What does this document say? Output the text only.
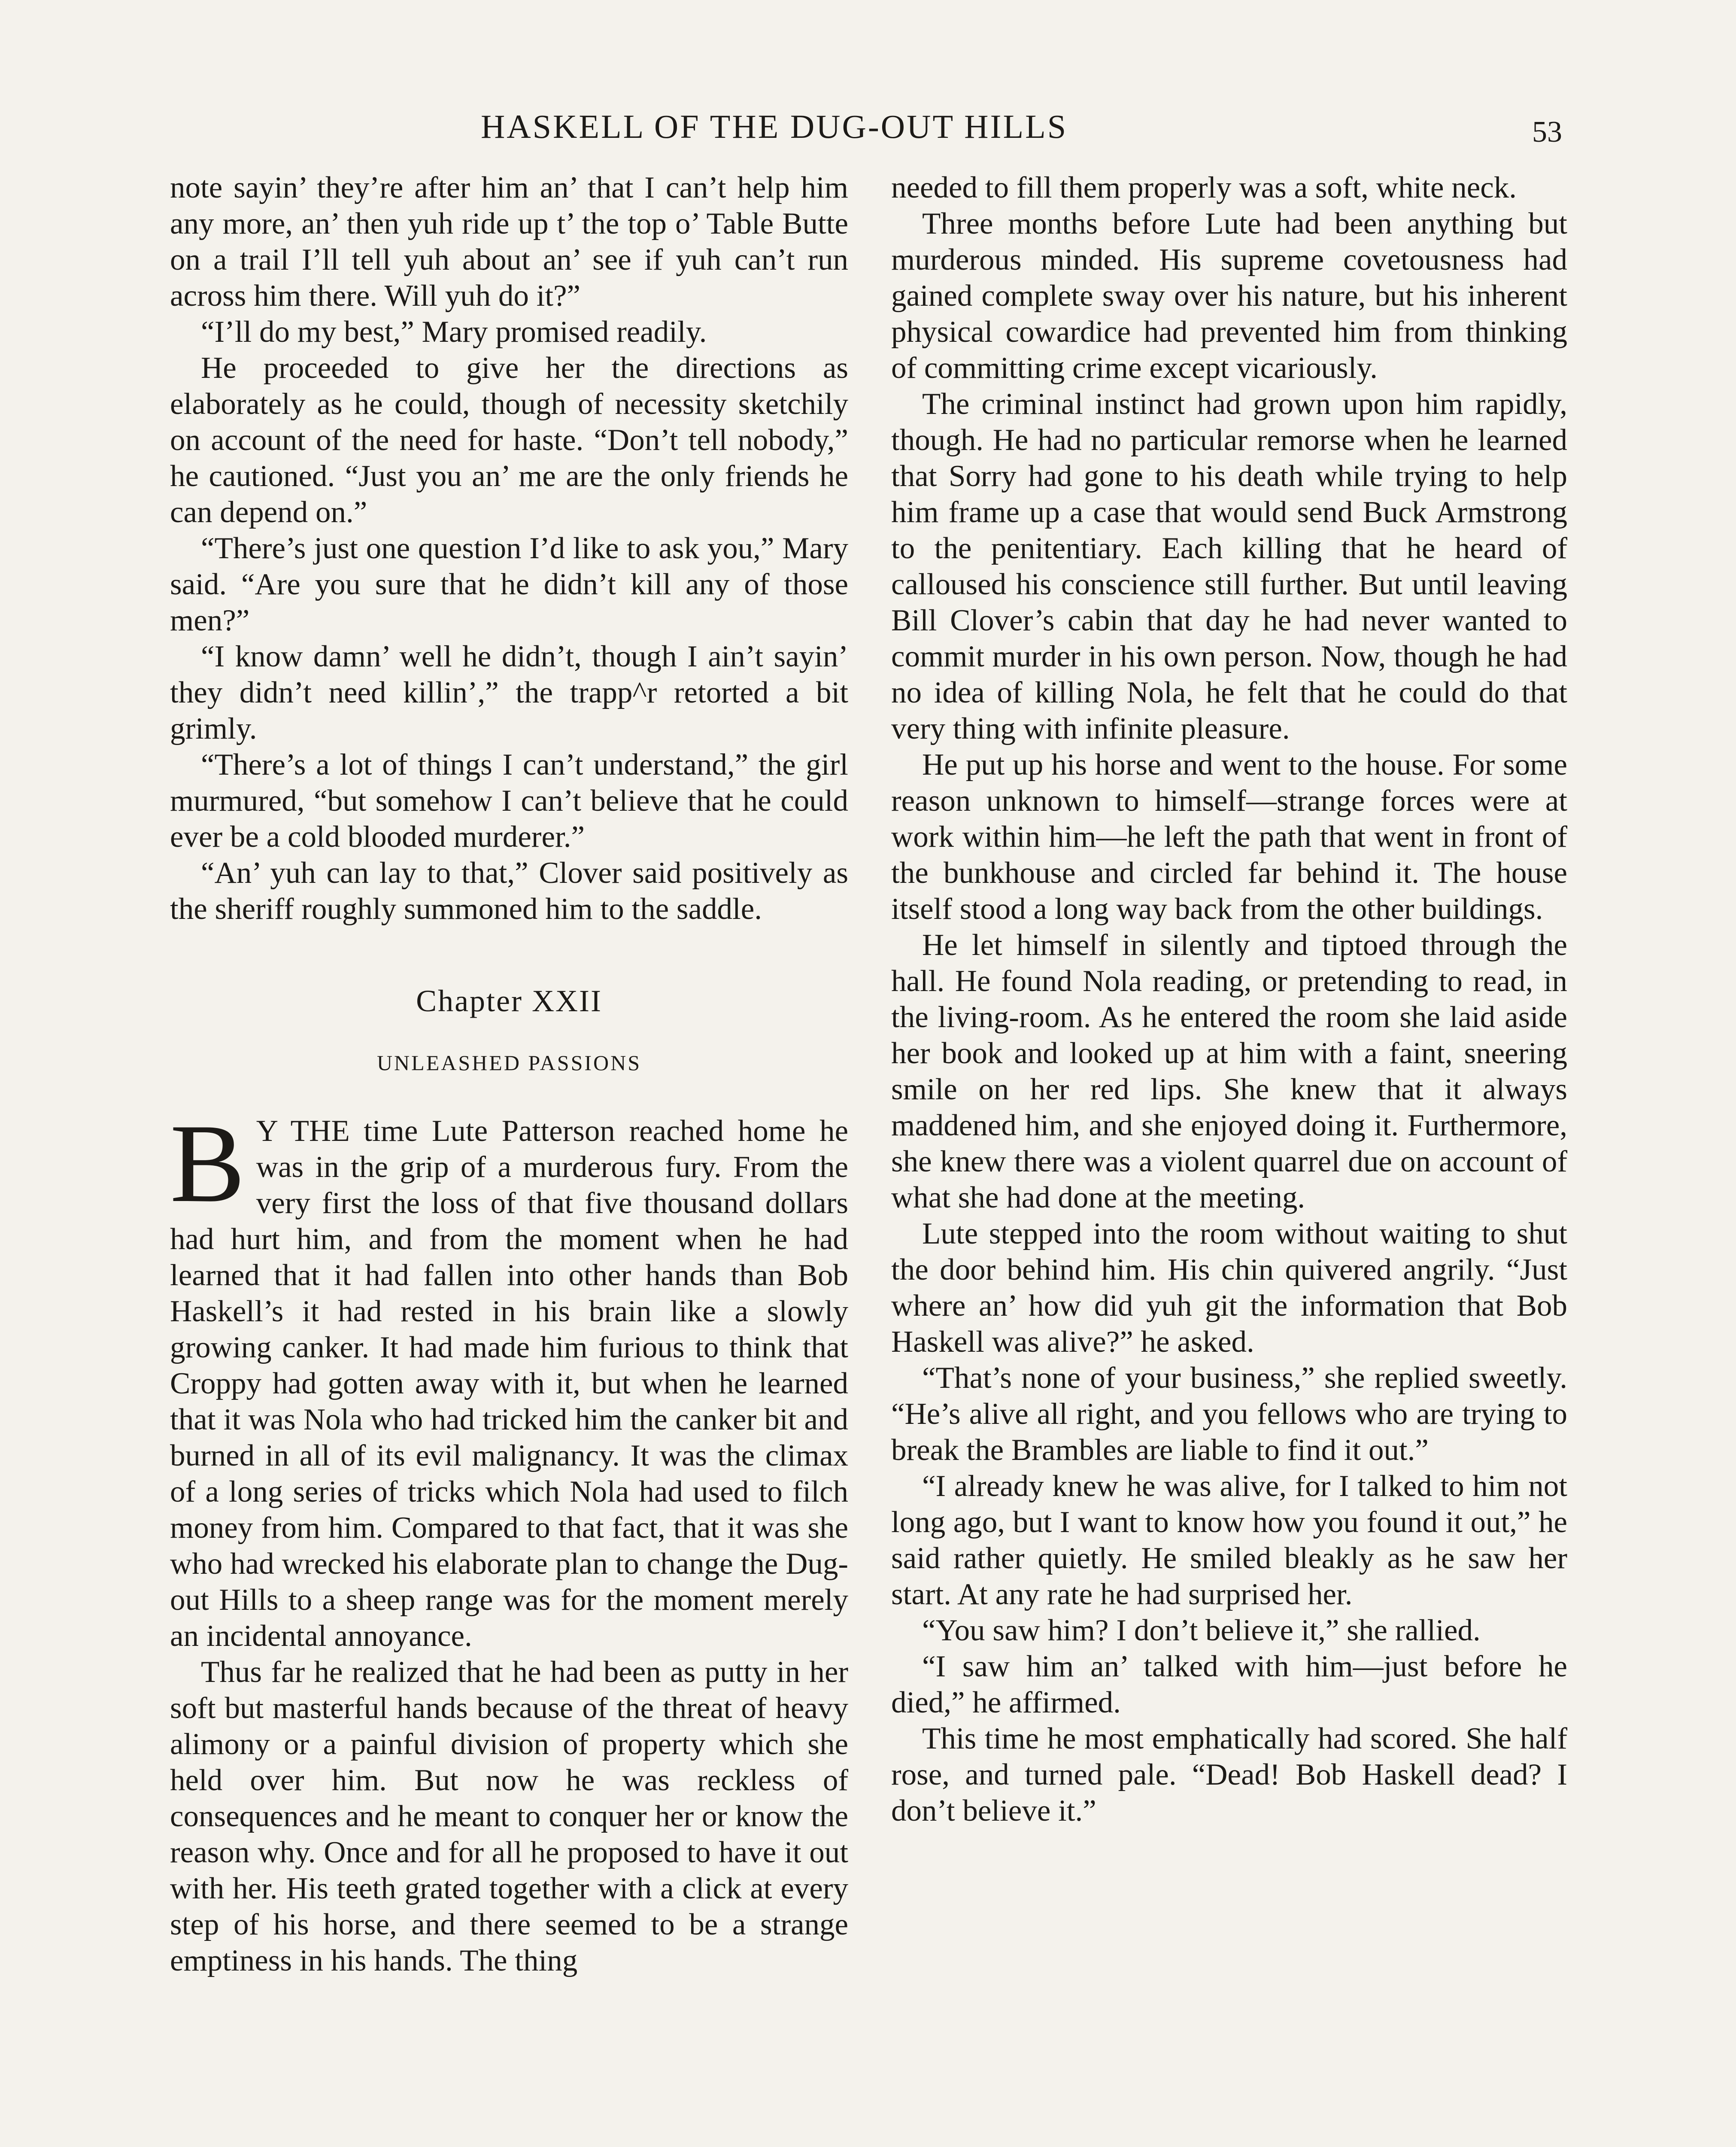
HASKELL OF THE DUG-OUT HILLS	53

note sayin’ they’re after him an’ that I can’t help him any more, an’ then yuh ride up t’ the top o’ Table Butte on a trail I’ll tell yuh about an’ see if yuh can’t run across him there. Will yuh do it?”

“I’ll do my best,” Mary promised readily.

He proceeded to give her the directions as elaborately as he could, though of necessity sketchily on account of the need for haste. “Don’t tell nobody,” he cautioned. “Just you an’ me are the only friends he can depend on.”

“There’s just one question I’d like to ask you,” Mary said. “Are you sure that he didn’t kill any of those men?”

“I know damn’ well he didn’t, though I ain’t sayin’ they didn’t need killin’,” the trapp^r retorted a bit grimly.

“There’s a lot of things I can’t understand,” the girl murmured, “but somehow I can’t believe that he could ever be a cold blooded murderer.”

“An’ yuh can lay to that,” Clover said positively as the sheriff roughly summoned him to the saddle.

Chapter XXII
UNLEASHED PASSIONS

B Y THE time Lute Patterson reached home he was in the grip of a murderous fury. From the very first the loss of that five thousand dollars had hurt him, and from the moment when he had learned that it had fallen into other hands than Bob Haskell’s it had rested in his brain like a slowly growing canker. It had made him furious to think that Croppy had gotten away with it, but when he learned that it was Nola who had tricked him the canker bit and burned in all of its evil malignancy. It was the climax of a long series of tricks which Nola had used to filch money from him. Compared to that fact, that it was she who had wrecked his elaborate plan to change the Dug-out Hills to a sheep range was for the moment merely an incidental annoyance.

Thus far he realized that he had been as putty in her soft but masterful hands because of the threat of heavy alimony or a painful division of property which she held over him. But now he was reckless of consequences and he meant to conquer her or know the reason why. Once and for all he proposed to have it out with her. His teeth grated together with a click at every step of his horse, and there seemed to be a strange emptiness in his hands. The thing

needed to fill them properly was a soft, white neck.

Three months before Lute had been anything but murderous minded. His supreme covetousness had gained complete sway over his nature, but his inherent physical cowardice had prevented him from thinking of committing crime except vicariously.

The criminal instinct had grown upon him rapidly, though. He had no particular remorse when he learned that Sorry had gone to his death while trying to help him frame up a case that would send Buck Armstrong to the penitentiary. Each killing that he heard of calloused his conscience still further. But until leaving Bill Clover’s cabin that day he had never wanted to commit murder in his own person. Now, though he had no idea of killing Nola, he felt that he could do that very thing with infinite pleasure.

He put up his horse and went to the house. For some reason unknown to himself—strange forces were at work within him—he left the path that went in front of the bunkhouse and circled far behind it. The house itself stood a long way back from the other buildings.

He let himself in silently and tiptoed through the hall. He found Nola reading, or pretending to read, in the living-room. As he entered the room she laid aside her book and looked up at him with a faint, sneering smile on her red lips. She knew that it always maddened him, and she enjoyed doing it. Furthermore, she knew there was a violent quarrel due on account of what she had done at the meeting.

Lute stepped into the room without waiting to shut the door behind him. His chin quivered angrily. “Just where an’ how did yuh git the information that Bob Haskell was alive?” he asked.

“That’s none of your business,” she replied sweetly. “He’s alive all right, and you fellows who are trying to break the Brambles are liable to find it out.”

“I already knew he was alive, for I talked to him not long ago, but I want to know how you found it out,” he said rather quietly. He smiled bleakly as he saw her start. At any rate he had surprised her.

“You saw him? I don’t believe it,” she rallied.

“I saw him an’ talked with him—just before he died,” he affirmed.

This time he most emphatically had scored. She half rose, and turned pale. “Dead! Bob Haskell dead? I don’t believe it.”
